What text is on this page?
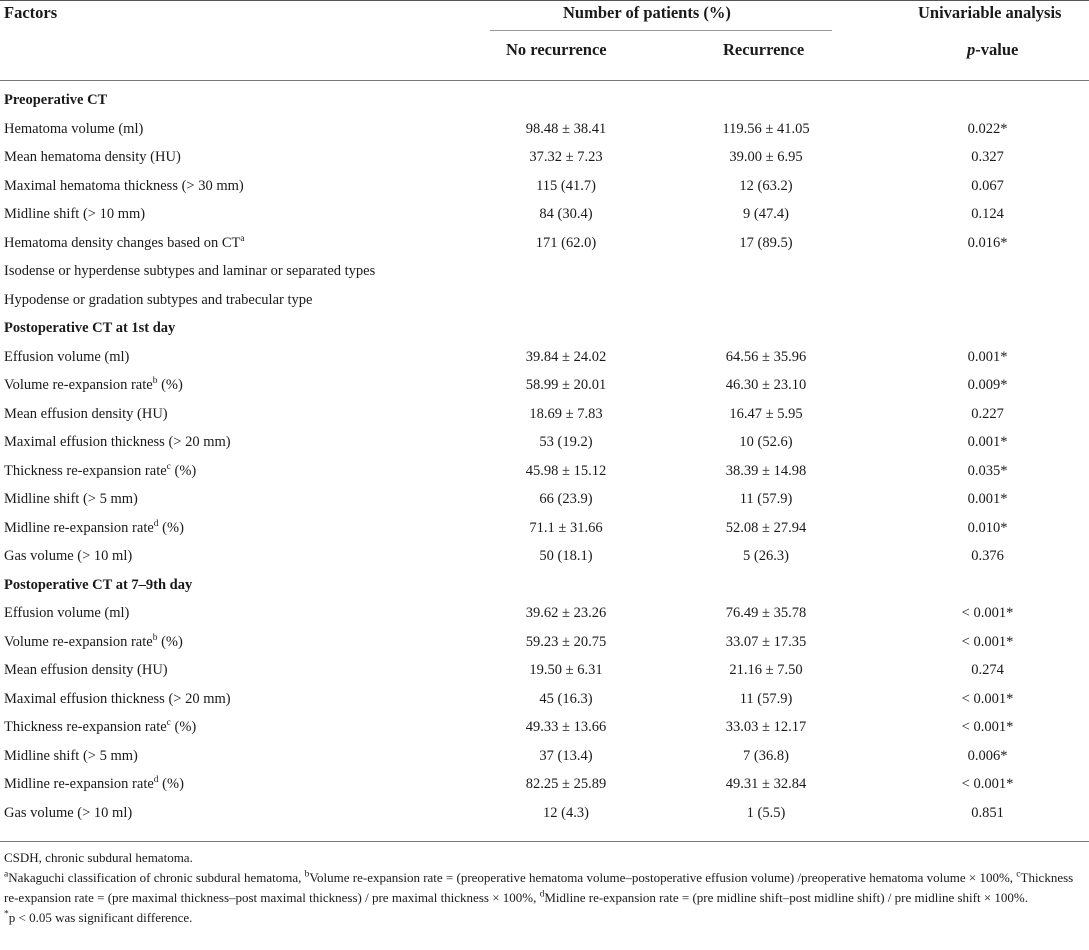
Factors	Number of patients (%)	Univariable analysis
No recurrence	Recurrence	p-value
Preoperative CT
Hematoma volume (ml)	98.48 ± 38.41	119.56 ± 41.05	0.022*
Mean hematoma density (HU)	37.32 ± 7.23	39.00 ± 6.95	0.327
Maximal hematoma thickness (> 30 mm)	115 (41.7)	12 (63.2)	0.067
Midline shift (> 10 mm)	84 (30.4)	9 (47.4)	0.124
Hematoma density changes based on $CT^a$	171 (62.0)	17 (89.5)	0.016*
Isodense or hyperdense subtypes and laminar or separated types
Hypodense or gradation subtypes and trabecular type
Postoperative CT at 1st day
Effusion volume (ml)	39.84 ± 24.02	64.56 ± 35.96	0.001*
Volume re-expansion rate$^b$ (%)	58.99 ± 20.01	46.30 ± 23.10	0.009*
Mean effusion density (HU)	18.69 ± 7.83	16.47 ± 5.95	0.227
Maximal effusion thickness (> 20 mm)	53 (19.2)	10 (52.6)	0.001*
Thickness re-expansion rate$^c$ (%)	45.98 ± 15.12	38.39 ± 14.98	0.035*
Midline shift (> 5 mm)	66 (23.9)	11 (57.9)	0.001*
Midline re-expansion rate$^d$ (%)	71.1 ± 31.66	52.08 ± 27.94	0.010*
Gas volume (> 10 ml)	50 (18.1)	5 (26.3)	0.376
Postoperative CT at 7–9th day
Effusion volume (ml)	39.62 ± 23.26	76.49 ± 35.78	< 0.001*
Volume re-expansion rate$^b$ (%)	59.23 ± 20.75	33.07 ± 17.35	< 0.001*
Mean effusion density (HU)	19.50 ± 6.31	21.16 ± 7.50	0.274
Maximal effusion thickness (> 20 mm)	45 (16.3)	11 (57.9)	< 0.001*
Thickness re-expansion rate$^c$ (%)	49.33 ± 13.66	33.03 ± 12.17	< 0.001*
Midline shift (> 5 mm)	37 (13.4)	7 (36.8)	0.006*
Midline re-expansion rate$^d$ (%)	82.25 ± 25.89	49.31 ± 32.84	< 0.001*
Gas volume (> 10 ml)	12 (4.3)	1 (5.5)	0.851

CSDH, chronic subdural hematoma.

$^a$Nakaguchi classification of chronic subdural hematoma, $^b$Volume re-expansion rate = (preoperative hematoma volume–postoperative effusion volume) /preoperative hematoma volume × 100%, $^c$Thickness re-expansion rate = (pre maximal thickness–post maximal thickness) / pre maximal thickness × 100%, $^d$Midline re-expansion rate = (pre midline shift–post midline shift) / pre midline shift × 100%.

*p < 0.05 was significant difference.
